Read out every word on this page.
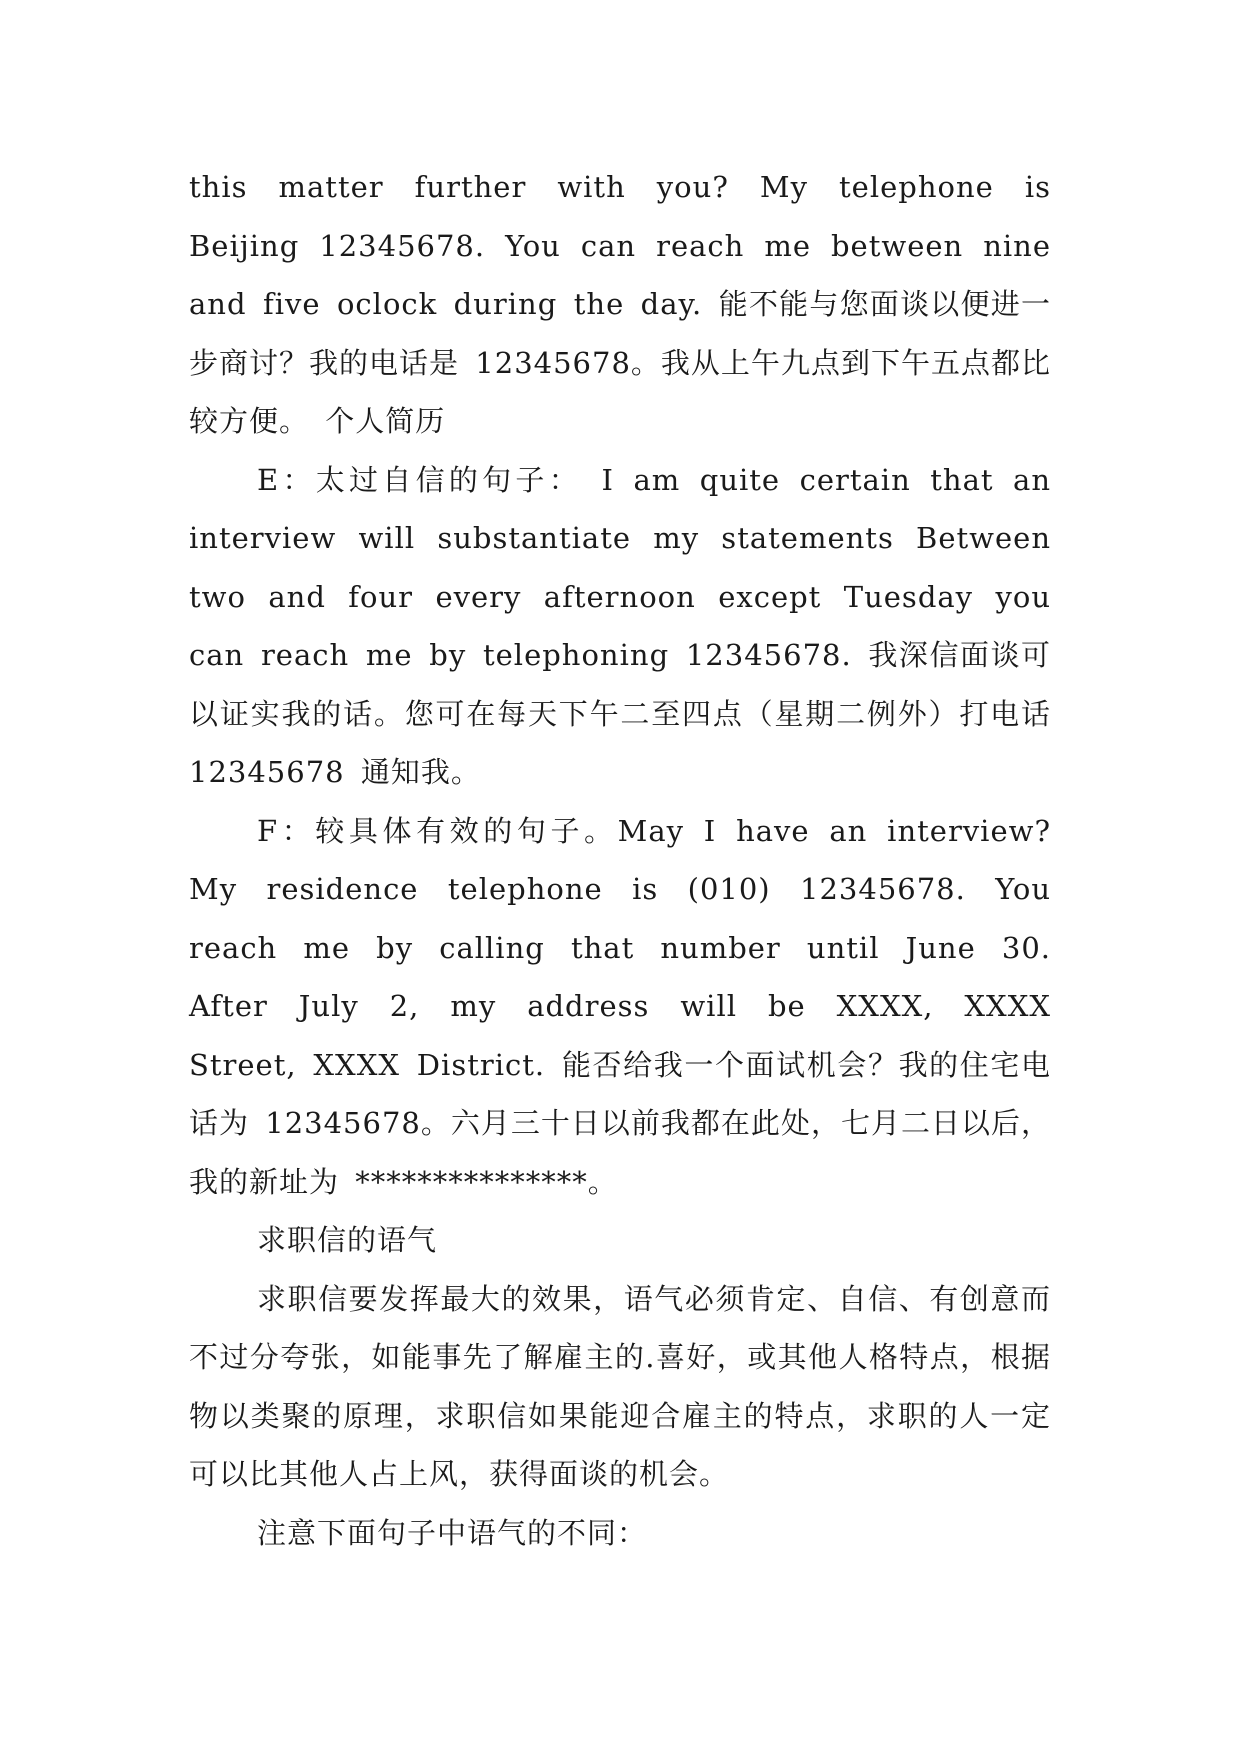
this matter further with you? My telephone is Beijing 12345678. You can reach me between nine and five oclock during the day. 能不能与您面谈以便进一步商讨？我的电话是 12345678。我从上午九点到下午五点都比较方便。 个人简历

E：太过自信的句子： I am quite certain that an interview will substantiate my statements Between two and four every afternoon except Tuesday you can reach me by telephoning 12345678. 我深信面谈可以证实我的话。您可在每天下午二至四点（星期二例外）打电话 12345678 通知我。

F：较具体有效的句子。May I have an interview? My residence telephone is (010) 12345678. You reach me by calling that number until June 30. After July 2, my address will be XXXX, XXXX Street, XXXX District. 能否给我一个面试机会？我的住宅电话为 12345678。六月三十日以前我都在此处，七月二日以后，我的新址为 ***************。

求职信的语气

求职信要发挥最大的效果，语气必须肯定、自信、有创意而不过分夸张，如能事先了解雇主的.喜好，或其他人格特点，根据物以类聚的原理，求职信如果能迎合雇主的特点，求职的人一定可以比其他人占上风，获得面谈的机会。

注意下面句子中语气的不同：
